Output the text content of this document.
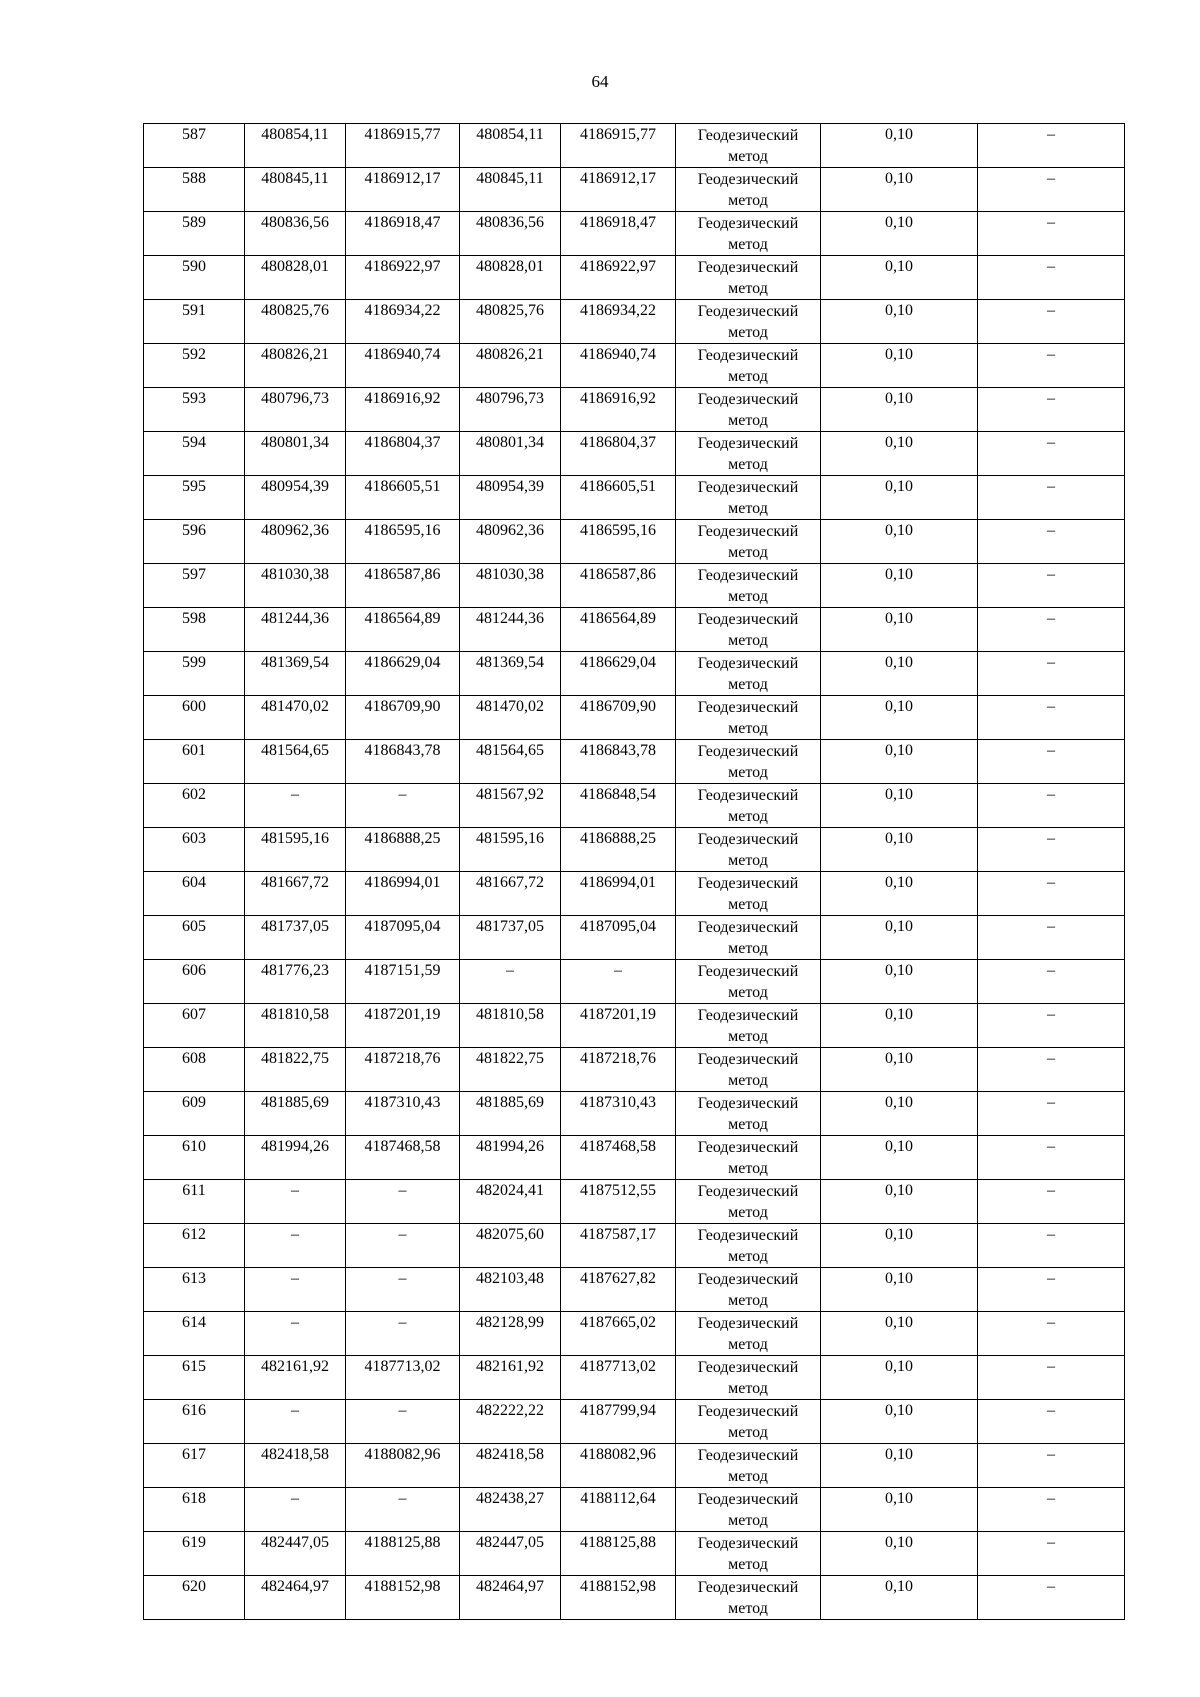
64
587	480854,11	4186915,77	480854,11	4186915,77	Геодезический
метод	0,10	–
588	480845,11	4186912,17	480845,11	4186912,17	Геодезический
метод	0,10	–
589	480836,56	4186918,47	480836,56	4186918,47	Геодезический
метод	0,10	–
590	480828,01	4186922,97	480828,01	4186922,97	Геодезический
метод	0,10	–
591	480825,76	4186934,22	480825,76	4186934,22	Геодезический
метод	0,10	–
592	480826,21	4186940,74	480826,21	4186940,74	Геодезический
метод	0,10	–
593	480796,73	4186916,92	480796,73	4186916,92	Геодезический
метод	0,10	–
594	480801,34	4186804,37	480801,34	4186804,37	Геодезический
метод	0,10	–
595	480954,39	4186605,51	480954,39	4186605,51	Геодезический
метод	0,10	–
596	480962,36	4186595,16	480962,36	4186595,16	Геодезический
метод	0,10	–
597	481030,38	4186587,86	481030,38	4186587,86	Геодезический
метод	0,10	–
598	481244,36	4186564,89	481244,36	4186564,89	Геодезический
метод	0,10	–
599	481369,54	4186629,04	481369,54	4186629,04	Геодезический
метод	0,10	–
600	481470,02	4186709,90	481470,02	4186709,90	Геодезический
метод	0,10	–
601	481564,65	4186843,78	481564,65	4186843,78	Геодезический
метод	0,10	–
602	–	–	481567,92	4186848,54	Геодезический
метод	0,10	–
603	481595,16	4186888,25	481595,16	4186888,25	Геодезический
метод	0,10	–
604	481667,72	4186994,01	481667,72	4186994,01	Геодезический
метод	0,10	–
605	481737,05	4187095,04	481737,05	4187095,04	Геодезический
метод	0,10	–
606	481776,23	4187151,59	–	–	Геодезический
метод	0,10	–
607	481810,58	4187201,19	481810,58	4187201,19	Геодезический
метод	0,10	–
608	481822,75	4187218,76	481822,75	4187218,76	Геодезический
метод	0,10	–
609	481885,69	4187310,43	481885,69	4187310,43	Геодезический
метод	0,10	–
610	481994,26	4187468,58	481994,26	4187468,58	Геодезический
метод	0,10	–
611	–	–	482024,41	4187512,55	Геодезический
метод	0,10	–
612	–	–	482075,60	4187587,17	Геодезический
метод	0,10	–
613	–	–	482103,48	4187627,82	Геодезический
метод	0,10	–
614	–	–	482128,99	4187665,02	Геодезический
метод	0,10	–
615	482161,92	4187713,02	482161,92	4187713,02	Геодезический
метод	0,10	–
616	–	–	482222,22	4187799,94	Геодезический
метод	0,10	–
617	482418,58	4188082,96	482418,58	4188082,96	Геодезический
метод	0,10	–
618	–	–	482438,27	4188112,64	Геодезический
метод	0,10	–
619	482447,05	4188125,88	482447,05	4188125,88	Геодезический
метод	0,10	–
620	482464,97	4188152,98	482464,97	4188152,98	Геодезический
метод	0,10	–
